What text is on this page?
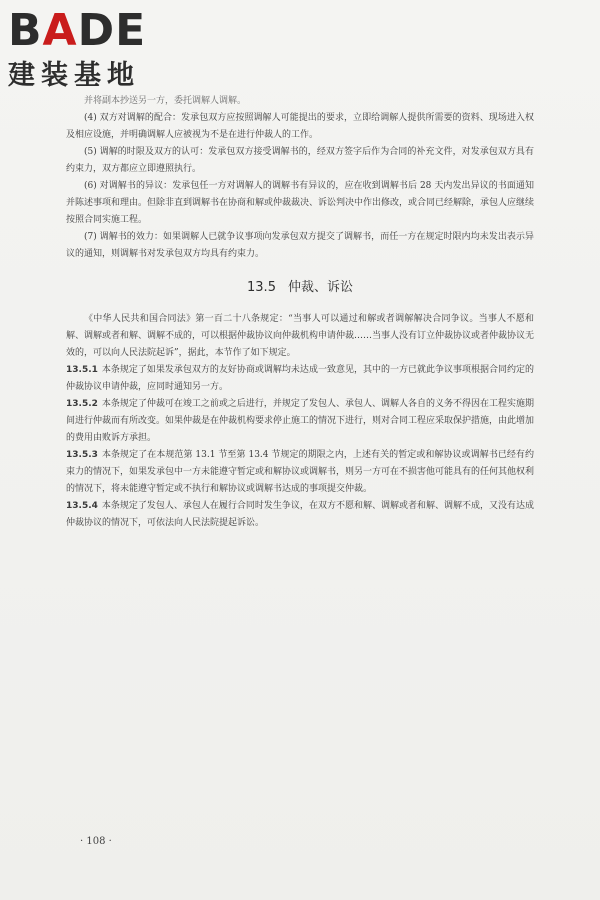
BADE
建装基地

并将副本抄送另一方，委托调解人调解。

(4) 双方对调解的配合：发承包双方应按照调解人可能提出的要求，立即给调解人提供所需要的资料、现场进入权及相应设施，并明确调解人应被视为不是在进行仲裁人的工作。

(5) 调解的时限及双方的认可：发承包双方接受调解书的，经双方签字后作为合同的补充文件，对发承包双方具有约束力，双方都应立即遵照执行。

(6) 对调解书的异议：发承包任一方对调解人的调解书有异议的，应在收到调解书后 28 天内发出异议的书面通知并陈述事项和理由。但除非直到调解书在协商和解或仲裁裁决、诉讼判决中作出修改，或合同已经解除，承包人应继续按照合同实施工程。

(7) 调解书的效力：如果调解人已就争议事项向发承包双方提交了调解书，而任一方在规定时限内均未发出表示异议的通知，则调解书对发承包双方均具有约束力。

13.5 仲裁、诉讼

《中华人民共和国合同法》第一百二十八条规定：“当事人可以通过和解或者调解解决合同争议。当事人不愿和解、调解或者和解、调解不成的，可以根据仲裁协议向仲裁机构申请仲裁……当事人没有订立仲裁协议或者仲裁协议无效的，可以向人民法院起诉”，据此，本节作了如下规定。

13.5.1 本条规定了如果发承包双方的友好协商或调解均未达成一致意见，其中的一方已就此争议事项根据合同约定的仲裁协议申请仲裁，应同时通知另一方。

13.5.2 本条规定了仲裁可在竣工之前或之后进行，并规定了发包人、承包人、调解人各自的义务不得因在工程实施期间进行仲裁而有所改变。如果仲裁是在仲裁机构要求停止施工的情况下进行，则对合同工程应采取保护措施，由此增加的费用由败诉方承担。

13.5.3 本条规定了在本规范第 13.1 节至第 13.4 节规定的期限之内，上述有关的暂定或和解协议或调解书已经有约束力的情况下，如果发承包中一方未能遵守暂定或和解协议或调解书，则另一方可在不损害他可能具有的任何其他权利的情况下，将未能遵守暂定或不执行和解协议或调解书达成的事项提交仲裁。

13.5.4 本条规定了发包人、承包人在履行合同时发生争议，在双方不愿和解、调解或者和解、调解不成，又没有达成仲裁协议的情况下，可依法向人民法院提起诉讼。

· 108 ·
